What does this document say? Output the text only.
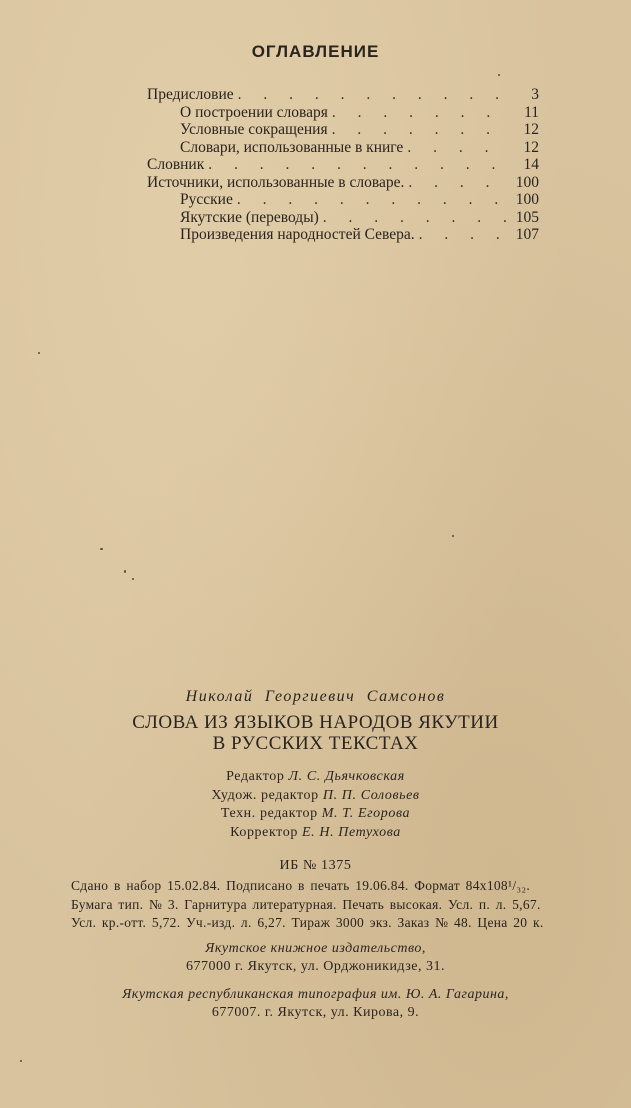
ОГЛАВЛЕНИЕ
Предисловие . . .	3
О построении словаря . . .	11
Условные сокращения . . .	12
Словари, использованные в книге . . .	12
Словник . . .	14
Источники, использованные в словаре. . . .	100
Русские . . .	100
Якутские (переводы) . . .	105
Произведения народностей Севера. . . .	107
Николай Георгиевич Самсонов
СЛОВА ИЗ ЯЗЫКОВ НАРОДОВ ЯКУТИИ
В РУССКИХ ТЕКСТАХ
Редактор Л. С. Дьячковская
Худож. редактор П. П. Соловьев
Техн. редактор М. Т. Егорова
Корректор Е. Н. Петухова
ИБ № 1375
Сдано в набор 15.02.84. Подписано в печать 19.06.84. Формат 84x108¹/₃₂.
Бумага тип. № 3. Гарнитура литературная. Печать высокая. Усл. п. л. 5,67.
Усл. кр.-отт. 5,72. Уч.-изд. л. 6,27. Тираж 3000 экз. Заказ № 48. Цена 20 к.
Якутское книжное издательство,
677000 г. Якутск, ул. Орджоникидзе, 31.
Якутская республиканская типография им. Ю. А. Гагарина,
677007. г. Якутск, ул. Кирова, 9.
